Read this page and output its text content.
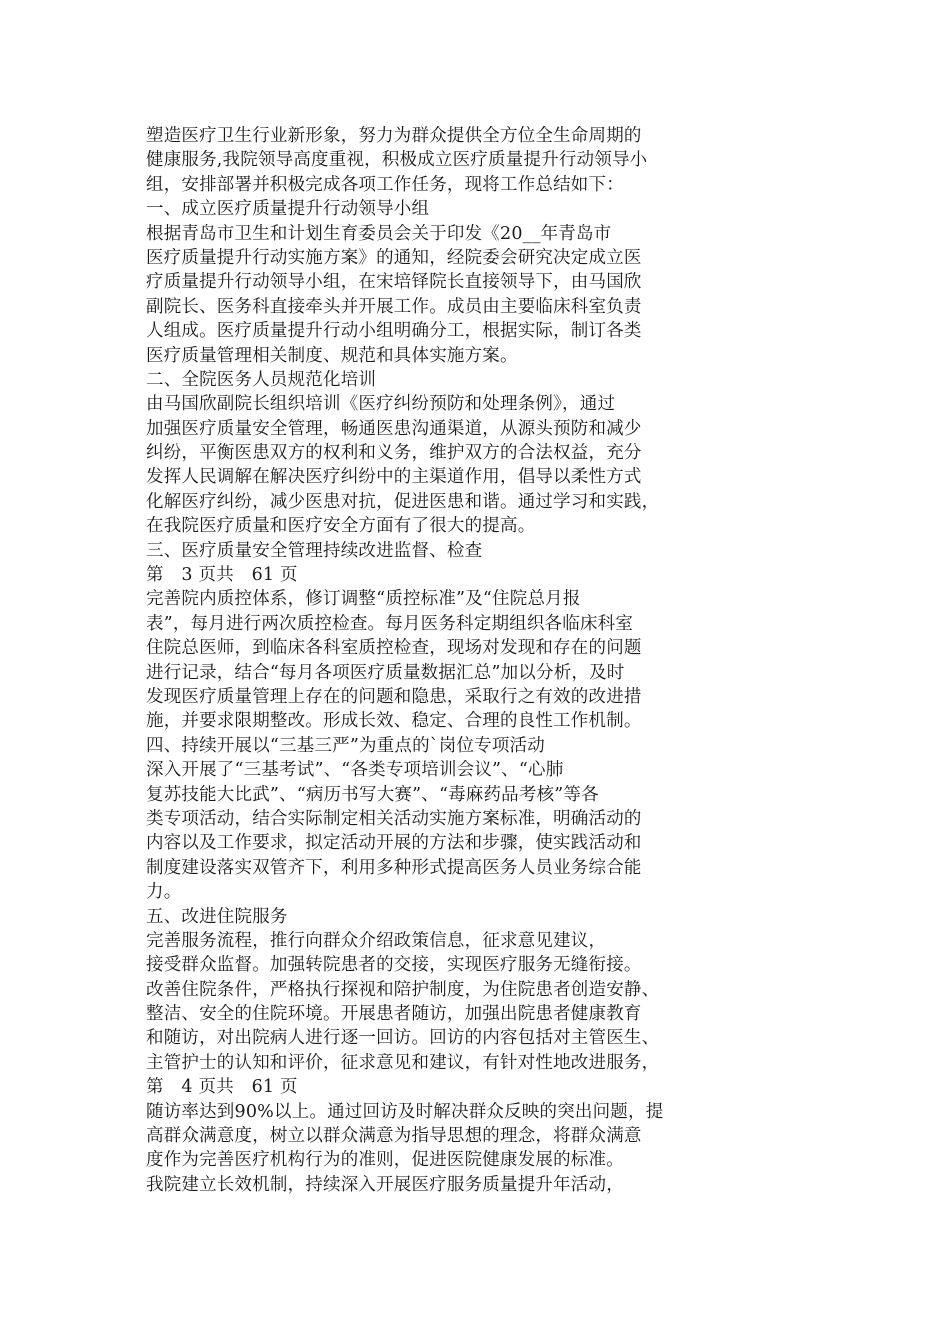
塑造医疗卫生行业新形象，努力为群众提供全方位全生命周期的
健康服务,我院领导高度重视，积极成立医疗质量提升行动领导小
组，安排部署并积极完成各项工作任务，现将工作总结如下：
一、成立医疗质量提升行动领导小组
根据青岛市卫生和计划生育委员会关于印发《20__年青岛市
医疗质量提升行动实施方案》的通知，经院委会研究决定成立医
疗质量提升行动领导小组，在宋培铎院长直接领导下，由马国欣
副院长、医务科直接牵头并开展工作。成员由主要临床科室负责
人组成。医疗质量提升行动小组明确分工，根据实际，制订各类
医疗质量管理相关制度、规范和具体实施方案。
二、全院医务人员规范化培训
由马国欣副院长组织培训《医疗纠纷预防和处理条例》，通过
加强医疗质量安全管理，畅通医患沟通渠道，从源头预防和减少
纠纷，平衡医患双方的权利和义务，维护双方的合法权益，充分
发挥人民调解在解决医疗纠纷中的主渠道作用，倡导以柔性方式
化解医疗纠纷，减少医患对抗，促进医患和谐。通过学习和实践，
在我院医疗质量和医疗安全方面有了很大的提高。
三、医疗质量安全管理持续改进监督、检查
第　3 页共　61 页
完善院内质控体系，修订调整“质控标准”及“住院总月报
表”，每月进行两次质控检查。每月医务科定期组织各临床科室
住院总医师，到临床各科室质控检查，现场对发现和存在的问题
进行记录，结合“每月各项医疗质量数据汇总”加以分析，及时
发现医疗质量管理上存在的问题和隐患，采取行之有效的改进措
施，并要求限期整改。形成长效、稳定、合理的良性工作机制。
四、持续开展以“三基三严”为重点的`岗位专项活动
深入开展了“三基考试”、“各类专项培训会议”、“心肺
复苏技能大比武”、“病历书写大赛”、“毒麻药品考核”等各
类专项活动，结合实际制定相关活动实施方案标准，明确活动的
内容以及工作要求，拟定活动开展的方法和步骤，使实践活动和
制度建设落实双管齐下，利用多种形式提高医务人员业务综合能
力。
五、改进住院服务
完善服务流程，推行向群众介绍政策信息，征求意见建议，
接受群众监督。加强转院患者的交接，实现医疗服务无缝衔接。
改善住院条件，严格执行探视和陪护制度，为住院患者创造安静、
整洁、安全的住院环境。开展患者随访，加强出院患者健康教育
和随访，对出院病人进行逐一回访。回访的内容包括对主管医生、
主管护士的认知和评价，征求意见和建议，有针对性地改进服务，
第　4 页共　61 页
随访率达到90%以上。通过回访及时解决群众反映的突出问题，提
高群众满意度，树立以群众满意为指导思想的理念，将群众满意
度作为完善医疗机构行为的准则，促进医院健康发展的标准。
我院建立长效机制，持续深入开展医疗服务质量提升年活动，
